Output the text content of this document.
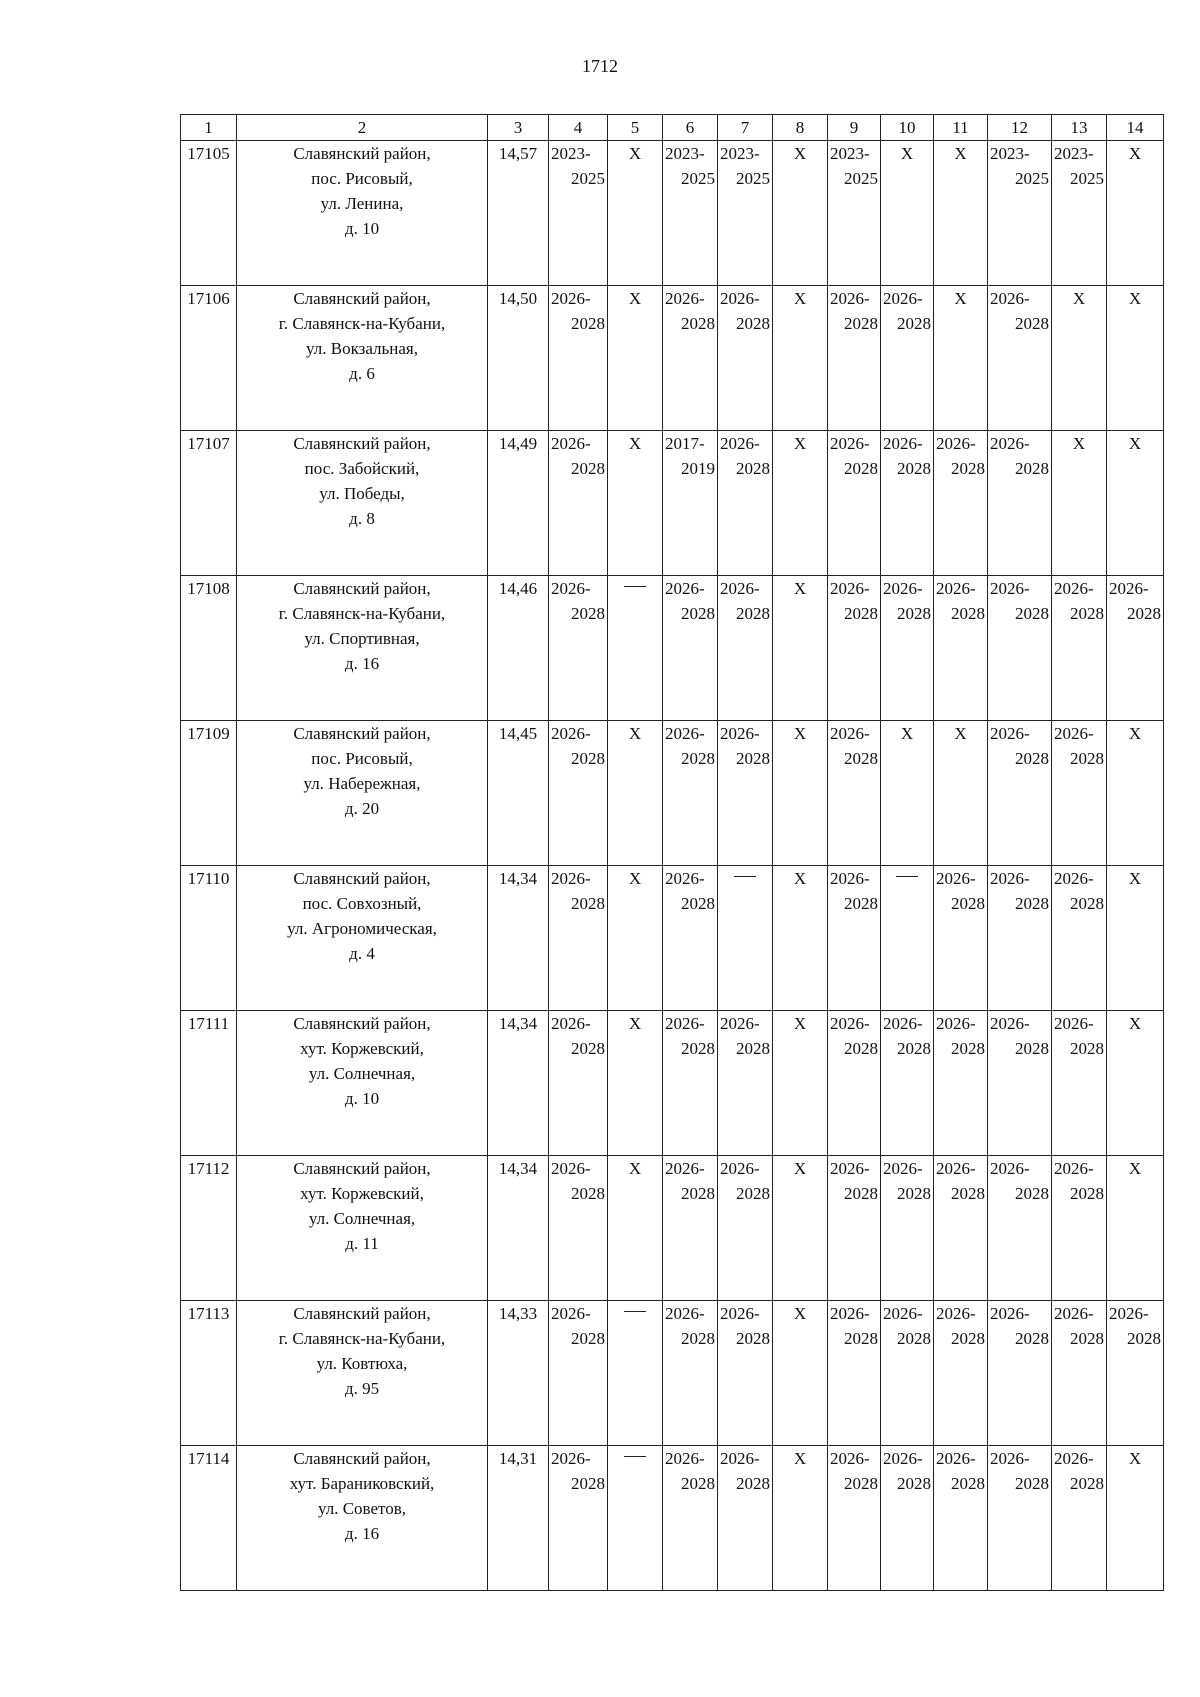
1712
1	2	3	4	5	6	7	8	9	10	11	12	13	14
17105	Славянский район,
пос. Рисовый,
ул. Ленина,
д. 10	14,57	2023-
2025	Х	2023-
2025	2023-
2025	Х	2023-
2025	Х	Х	2023-
2025	2023-
2025	Х

17106	Славянский район,
г. Славянск-на-Кубани,
ул. Вокзальная,
д. 6	14,50	2026-
2028	Х	2026-
2028	2026-
2028	Х	2026-
2028	2026-
2028	Х	2026-
2028	Х	Х

17107	Славянский район,
пос. Забойский,
ул. Победы,
д. 8	14,49	2026-
2028	Х	2017-
2019	2026-
2028	Х	2026-
2028	2026-
2028	2026-
2028	2026-
2028	Х	Х

17108	Славянский район,
г. Славянск-на-Кубани,
ул. Спортивная,
д. 16	14,46	2026-
2028		2026-
2028	2026-
2028	Х	2026-
2028	2026-
2028	2026-
2028	2026-
2028	2026-
2028	2026-
2028

17109	Славянский район,
пос. Рисовый,
ул. Набережная,
д. 20	14,45	2026-
2028	Х	2026-
2028	2026-
2028	Х	2026-
2028	Х	Х	2026-
2028	2026-
2028	Х

17110	Славянский район,
пос. Совхозный,
ул. Агрономическая,
д. 4	14,34	2026-
2028	Х	2026-
2028		Х	2026-
2028		2026-
2028	2026-
2028	2026-
2028	Х

17111	Славянский район,
хут. Коржевский,
ул. Солнечная,
д. 10	14,34	2026-
2028	Х	2026-
2028	2026-
2028	Х	2026-
2028	2026-
2028	2026-
2028	2026-
2028	2026-
2028	Х

17112	Славянский район,
хут. Коржевский,
ул. Солнечная,
д. 11	14,34	2026-
2028	Х	2026-
2028	2026-
2028	Х	2026-
2028	2026-
2028	2026-
2028	2026-
2028	2026-
2028	Х

17113	Славянский район,
г. Славянск-на-Кубани,
ул. Ковтюха,
д. 95	14,33	2026-
2028		2026-
2028	2026-
2028	Х	2026-
2028	2026-
2028	2026-
2028	2026-
2028	2026-
2028	2026-
2028

17114	Славянский район,
хут. Бараниковский,
ул. Советов,
д. 16	14,31	2026-
2028		2026-
2028	2026-
2028	Х	2026-
2028	2026-
2028	2026-
2028	2026-
2028	2026-
2028	Х
